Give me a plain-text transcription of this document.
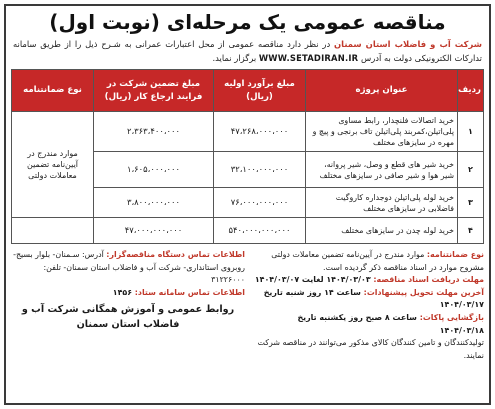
مناقصه عمومی یک مرحله‌ای (نوبت اول)
شرکت آب و فاضلاب استان سمنان در نظر دارد مناقصه عمومی از محل اعتبارات عمرانی به شـرح ذیل را از طریق سامانه تدارکات الکترونیکی دولت به آدرس WWW.SETADIRAN.IR برگزار نماید.
ردیف	عنوان پروژه	مبلغ برآورد اولیه (ریال)	مبلغ تضمین شرکت در فرایند ارجاع کار (ریال)	نوع ضمانتنامه
۱	خرید اتصالات فلنچدار، رابط مساوی پلی‌اتیلن،کمربند پلی‌اتیلن تاف برنجی و پیچ و مهره در سایزهای مختلف	۴۷،۲۶۸،۰۰۰،۰۰۰	۲،۳۶۳،۴۰۰،۰۰۰	موارد مندرج در آیین‌نامه تضمین معاملات دولتی
۲	خرید شیر های قطع و وصل، شیر پروانه، شیر هوا و شیر صافی در سایزهای مختلف	۳۲،۱۰۰،۰۰۰،۰۰۰	۱،۶۰۵،۰۰۰،۰۰۰	
۳	خرید لوله پلی‌اتیلن دوجداره کاروگیت فاضلابی در سایزهای مختلف	۷۶،۰۰۰،۰۰۰،۰۰۰	۳،۸۰۰،۰۰۰،۰۰۰	
۴	خرید لوله چدن در سایزهای مختلف	۵۴۰،۰۰۰،۰۰۰،۰۰۰	۴۷،۰۰۰،۰۰۰،۰۰۰	
نوع ضمانتنامه: موارد مندرج در آیین‌نامه تضمین معاملات دولتی مشروح موارد در اسناد مناقصه ذکر گردیده است.
مهلت دریافت اسناد مناقصه: ۱۴۰۴/۰۳/۰۳ لغایت ۱۴۰۴/۰۳/۰۷
آخرین مهلت تحویل پیشنهادات: ساعت ۱۴ روز شنبه تاریخ ۱۴۰۴/۰۳/۱۷
بازگشایی پاکات: ساعت ۸ صبح روز یکشنبه تاریخ ۱۴۰۴/۰۳/۱۸
تولیدکنندگان و تامین کنندگان کالای مذکور می‌توانند در مناقصه شرکت نمایند.
اطلاعات تماس دستگاه مناقصه‌گزار: آدرس: سـمنان- بلوار بسیج- روبروی استانداری- شرکت آب و فاضلاب استان سمنان- تلفن: ۳۱۲۲۶۰۰۰
اطلاعات تماس سامانه ستاد: ۱۴۵۶
روابط عمومی و آموزش همگانی شرکت آب و فاضلاب استان سمنان
